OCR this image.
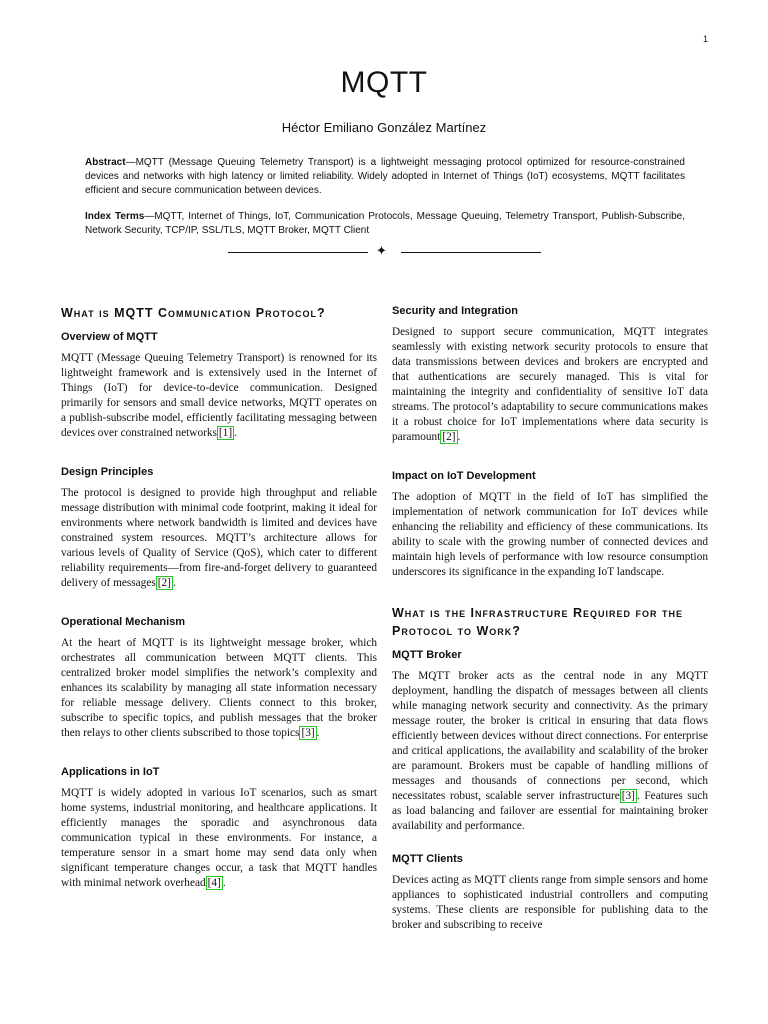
1
MQTT
Héctor Emiliano González Martínez
Abstract—MQTT (Message Queuing Telemetry Transport) is a lightweight messaging protocol optimized for resource-constrained devices and networks with high latency or limited reliability. Widely adopted in Internet of Things (IoT) ecosystems, MQTT facilitates efficient and secure communication between devices.
Index Terms—MQTT, Internet of Things, IoT, Communication Protocols, Message Queuing, Telemetry Transport, Publish-Subscribe, Network Security, TCP/IP, SSL/TLS, MQTT Broker, MQTT Client
✦
What is MQTT Communication Protocol?
Overview of MQTT

MQTT (Message Queuing Telemetry Transport) is renowned for its lightweight framework and is extensively used in the Internet of Things (IoT) for device-to-device communication. Designed primarily for sensors and small device networks, MQTT operates on a publish-subscribe model, efficiently facilitating messaging between devices over constrained networks [1] .

Design Principles

The protocol is designed to provide high throughput and reliable message distribution with minimal code footprint, making it ideal for environments where network bandwidth is limited and devices have constrained system resources. MQTT’s architecture allows for various levels of Quality of Service (QoS), which cater to different reliability requirements—from fire-and-forget delivery to guaranteed delivery of messages [2] .

Operational Mechanism

At the heart of MQTT is its lightweight message broker, which orchestrates all communication between MQTT clients. This centralized broker model simplifies the network’s complexity and enhances its scalability by managing all state information necessary for reliable message delivery. Clients connect to this broker, subscribe to specific topics, and publish messages that the broker then relays to other clients subscribed to those topics [3] .

Applications in IoT

MQTT is widely adopted in various IoT scenarios, such as smart home systems, industrial monitoring, and healthcare applications. It efficiently manages the sporadic and asynchronous data communication typical in these environments. For instance, a temperature sensor in a smart home may send data only when significant temperature changes occur, a task that MQTT handles with minimal network overhead [4] .

Security and Integration

Designed to support secure communication, MQTT integrates seamlessly with existing network security protocols to ensure that data transmissions between devices and brokers are encrypted and that authentications are securely managed. This is vital for maintaining the integrity and confidentiality of sensitive IoT data streams. The protocol’s adaptability to secure communications makes it a robust choice for IoT implementations where data security is paramount [2] .

Impact on IoT Development

The adoption of MQTT in the field of IoT has simplified the implementation of network communication for IoT devices while enhancing the reliability and efficiency of these communications. Its ability to scale with the growing number of connected devices and maintain high levels of performance with low resource consumption underscores its significance in the expanding IoT landscape.

What is the Infrastructure Required for the Protocol to Work?
MQTT Broker

The MQTT broker acts as the central node in any MQTT deployment, handling the dispatch of messages between all clients while managing network security and connectivity. As the primary message router, the broker is critical in ensuring that data flows efficiently between devices without direct connections. For enterprise and critical applications, the availability and scalability of the broker are paramount. Brokers must be capable of handling millions of messages and thousands of connections per second, which necessitates robust, scalable server infrastructure [3] . Features such as load balancing and failover are essential for maintaining broker availability and performance.

MQTT Clients

Devices acting as MQTT clients range from simple sensors and home appliances to sophisticated industrial controllers and computing systems. These clients are responsible for publishing data to the broker and subscribing to receive
